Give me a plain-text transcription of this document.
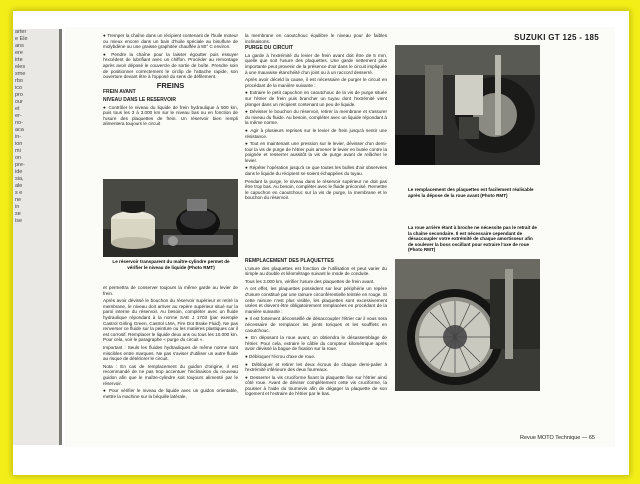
arter
e Ele
ans
ere
irte
eles
sme
rbo
ico
pro
our
et
er-
no-
aca
in-
ion
mi
on
pre-
ide
sia,
ale
s e
ne
in
se
ise
SUZUKI GT 125 - 185

● Tremper la chaîne dans un récipient contenant de l'huile moteur ou mieux encore dans un bain d'huile spéciale au bisulfure de molybdène ou une graisse graphitée chauffée à 80° C environ.

● Pendre la chaîne pour la laisser égoutter puis essuyer l'excédent de lubrifiant avec un chiffon. Procéder au remontage après avoir déposé le couvercle de sortie de boîte. Prendre soin de positionner correctement le circlip de l'attache rapide, son ouverture devant être à l'opposé du sens de défilement.

FREINS
FREIN AVANT
NIVEAU DANS LE RESERVOIR

● Contrôler le niveau du liquide de frein hydraulique à 500 km, puis tous les 3 à 3.000 km sur le niveau bas ou en fonction de l'usure des plaquettes de frein. Un réservoir bien rempli alimentera toujours le circuit

Le réservoir transparent du maître-cylindre permet de vérifier le niveau de liquide (Photo RMT)

et permettra de conserver toujours la même garde au levier de frein.

Après avoir dévissé le bouchon du réservoir supérieur et retiré la membrane, le niveau doit arriver au repère supérieur situé sur la paroi interne du réservoir. Au besoin, compléter avec un fluide hydraulique répondant à la norme SAE J 1703 (par exemple Castrol Girling Green, Castrol LMA, Fire Dot Brake Fluid). Ne pas renverser ce fluide sur la peinture ou les matières plastiques car il est corrosif. Remplacer le liquide deux ans ou tous les 10.000 km. Pour cela, voir le paragraphe « purge du circuit ».

Important : Seuls les fluides hydrauliques de même norme sont miscibles entre marques. Ne pas s'aviser d'utiliser un autre fluide au risque de détériorer le circuit.

Nota : En cas de remplacement du guidon d'origine, il est recommandé de ne pas trop accentuer l'inclinaison du nouveau guidon afin que le maître-cylindre soit toujours alimenté par le réservoir.

● Pour vérifier le niveau de liquide avec un guidon orientable, mettre la machine sur la béquille latérale,

la membrane en caoutchouc équilibre le niveau pour de faibles inclinaisons.

PURGE DU CIRCUIT

La garde à l'extrémité du levier de frein avant doit être de 5 mm, quelle que soit l'usure des plaquettes. Une garde nettement plus importante peut provenir de la présence d'air dans le circuit impliquée à une mauvaise étanchéité d'un joint ou à un raccord desserré.

Après avoir déceld la cause, il est nécessaire de purger le circuit en procédant de la manière suivante :

● Extraire le petit capuchon en caoutchouc de la vis de purge située sur l'étrier de frein puis brancher un tuyau dont l'extrémité vient plonger dans un récipient contenant un peu de liquide.

● Dévisser le bouchon du réservoir, retirer la membrane et s'assurer du niveau du fluide. Au besoin, compléter avec un liquide répondant à la même norme.

● Agir à plusieurs reprises sur le levier de frein jusqu'à sentir une résistance.

● Tout en maintenant une pression sur le levier, dévisser d'un demi-tour la vis de purge de l'étrier puis amener le levier en butée contre la poignée et resserrer aussitôt la vis de purge avant de relâcher le levier.

● Répéter l'opération jusqu'à ce que toutes les bulles d'air observées dans le liquide du récipient se soient échappées du tuyau.

Pendant la purge, le niveau dans le réservoir supérieur ne doit pas être trop bas. Au besoin, compléter avec le fluide préconisé. Remettre le capuchon en caoutchouc sur la vis de purge, la membrane et le bouchon du réservoir.

REMPLACEMENT DES PLAQUETTES

L'usure des plaquettes est fonction de l'utilisation et peut varier du simple au double et kilométrage suivant le mode de conduite.

Tous les 3.000 km, vérifier l'usure des plaquettes de frein avant.

A cet effet, les plaquettes possèdent sur leur périphérie un repère d'usure constitué par une rainure circonférentielle teintée en rouge. Si cette rainure n'est plus visible, les plaquettes sont excessivement usées et doivent être obligatoirement remplacées en procédant de la manière suivante :

● Il est fortement déconseillé de désaccoupler l'étrier car il vous sera nécessaire de remplacer les joints toriques et les soufflets en caoutchouc.

● En déposant la roue avant, on obtiendra le désassemblage de l'étrier. Pour cela, extraire le câble du compteur kilométrique après avoir dévissé la bague de fixation sur la roue.

● Débloquer l'écrou d'axe de roue.

● Débloquer et retirer les deux écrous de chaque demi-palier à l'extrémité inférieure des deux fourreaux.

● Desserrer la vis cruciforme fixant la plaquette fixe sur l'étrier ainsi côté roue. Avant de déviser complètement cette vis cruciforme, la pousser à l'aide du tournevis afin de dégager la plaquette de son logement et l'extraire de l'étrier par le bas.

Le remplacement des plaquettes est facilement réalisable après la dépose de la roue avant (Photo RMT)
La roue arrière étant à broche ne nécessite pas le retrait de la chaîne secondaire. Il est nécessaire cependant de désaccoupler votre extrémité de chaque amortisseur afin de soulever la boss oscillant pour extraire l'axe de roue (Photo RMT)
Revue MOTO Technique — 65
